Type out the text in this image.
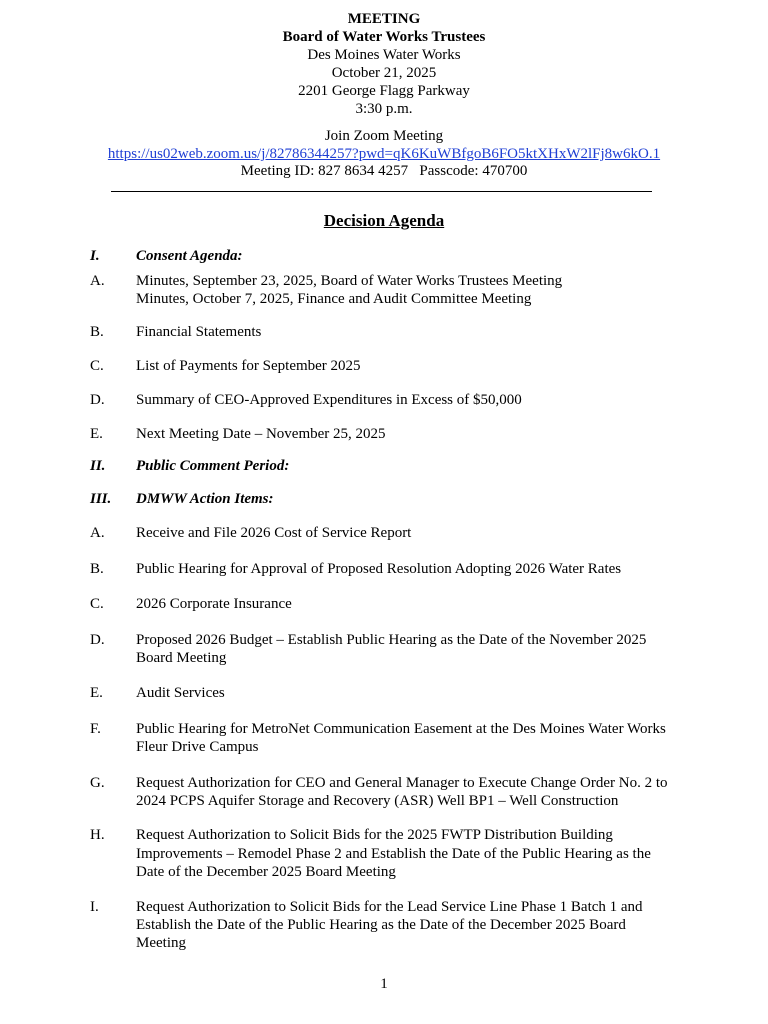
MEETING
Board of Water Works Trustees
Des Moines Water Works
October 21, 2025
2201 George Flagg Parkway
3:30 p.m.
Join Zoom Meeting
https://us02web.zoom.us/j/82786344257?pwd=qK6KuWBfgoB6FO5ktXHxW2lFj8w6kO.1
Meeting ID: 827 8634 4257   Passcode: 470700
Decision Agenda
I. Consent Agenda:
A. Minutes, September 23, 2025, Board of Water Works Trustees Meeting
Minutes, October 7, 2025, Finance and Audit Committee Meeting
B. Financial Statements
C. List of Payments for September 2025
D. Summary of CEO-Approved Expenditures in Excess of $50,000
E. Next Meeting Date – November 25, 2025
II. Public Comment Period:
III. DMWW Action Items:
A. Receive and File 2026 Cost of Service Report
B. Public Hearing for Approval of Proposed Resolution Adopting 2026 Water Rates
C. 2026 Corporate Insurance
D. Proposed 2026 Budget – Establish Public Hearing as the Date of the November 2025
Board Meeting
E. Audit Services
F. Public Hearing for MetroNet Communication Easement at the Des Moines Water Works
Fleur Drive Campus
G. Request Authorization for CEO and General Manager to Execute Change Order No. 2 to
2024 PCPS Aquifer Storage and Recovery (ASR) Well BP1 – Well Construction
H. Request Authorization to Solicit Bids for the 2025 FWTP Distribution Building
Improvements – Remodel Phase 2 and Establish the Date of the Public Hearing as the
Date of the December 2025 Board Meeting
I. Request Authorization to Solicit Bids for the Lead Service Line Phase 1 Batch 1 and
Establish the Date of the Public Hearing as the Date of the December 2025 Board
Meeting
1
